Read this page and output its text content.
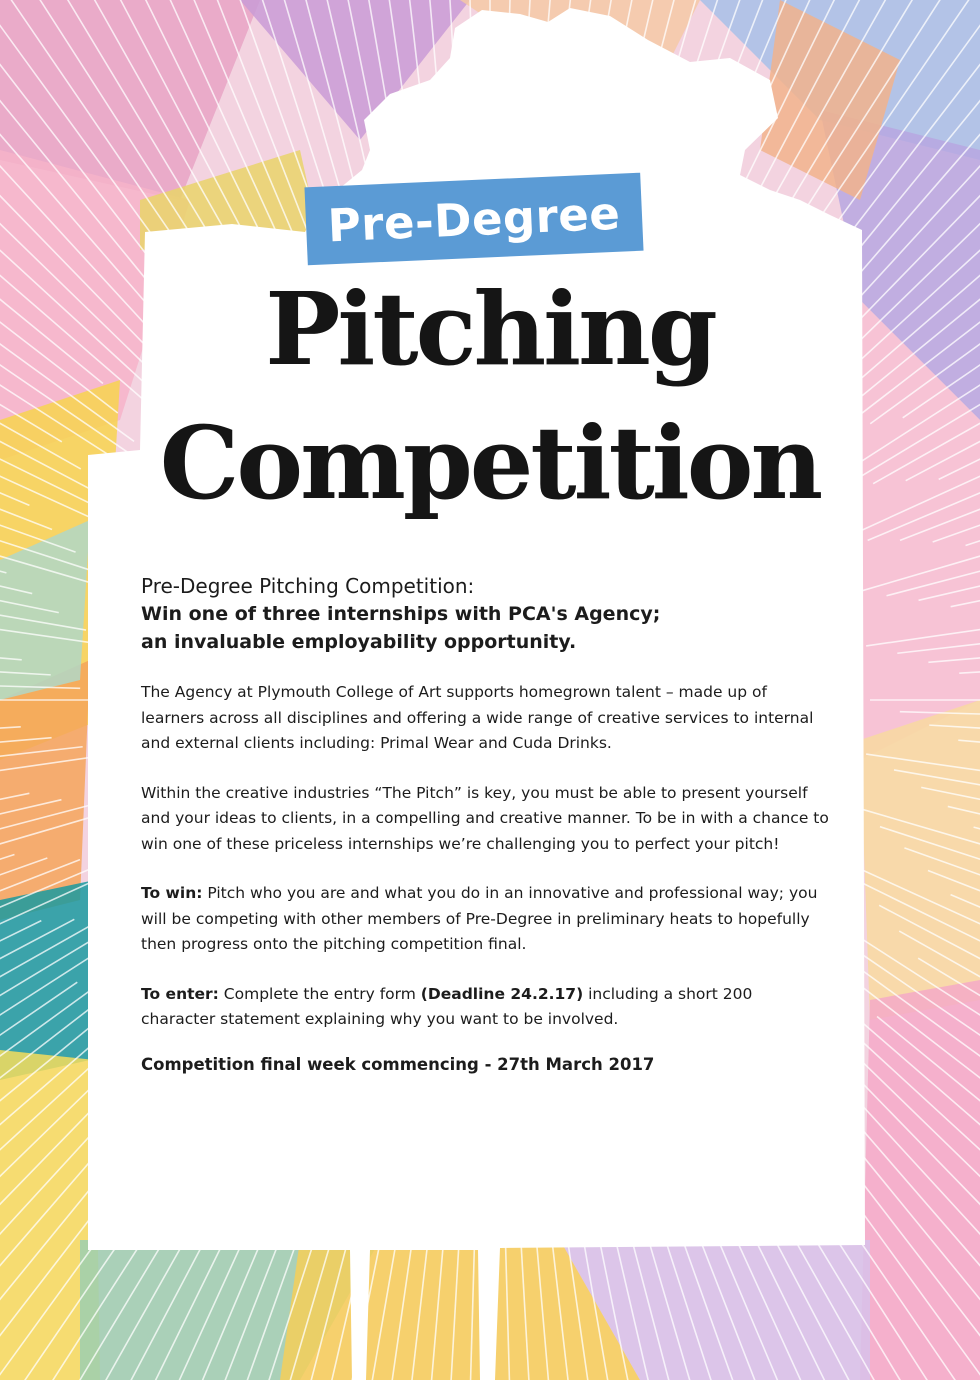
Pre-Degree
Pitching
Competition
Pre-Degree Pitching Competition:
Win one of three internships with PCA's Agency;
an invaluable employability opportunity.
The Agency at Plymouth College of Art supports homegrown talent – made up of learners across all disciplines and offering a wide range of creative services to internal and external clients including: Primal Wear and Cuda Drinks.
Within the creative industries “The Pitch” is key, you must be able to present yourself and your ideas to clients, in a compelling and creative manner. To be in with a chance to win one of these priceless internships we’re challenging you to perfect your pitch!
To win: Pitch who you are and what you do in an innovative and professional way; you will be competing with other members of Pre-Degree in preliminary heats to hopefully then progress onto the pitching competition final.
To enter: Complete the entry form (Deadline 24.2.17) including a short 200 character statement explaining why you want to be involved.
Competition final week commencing - 27th March 2017
